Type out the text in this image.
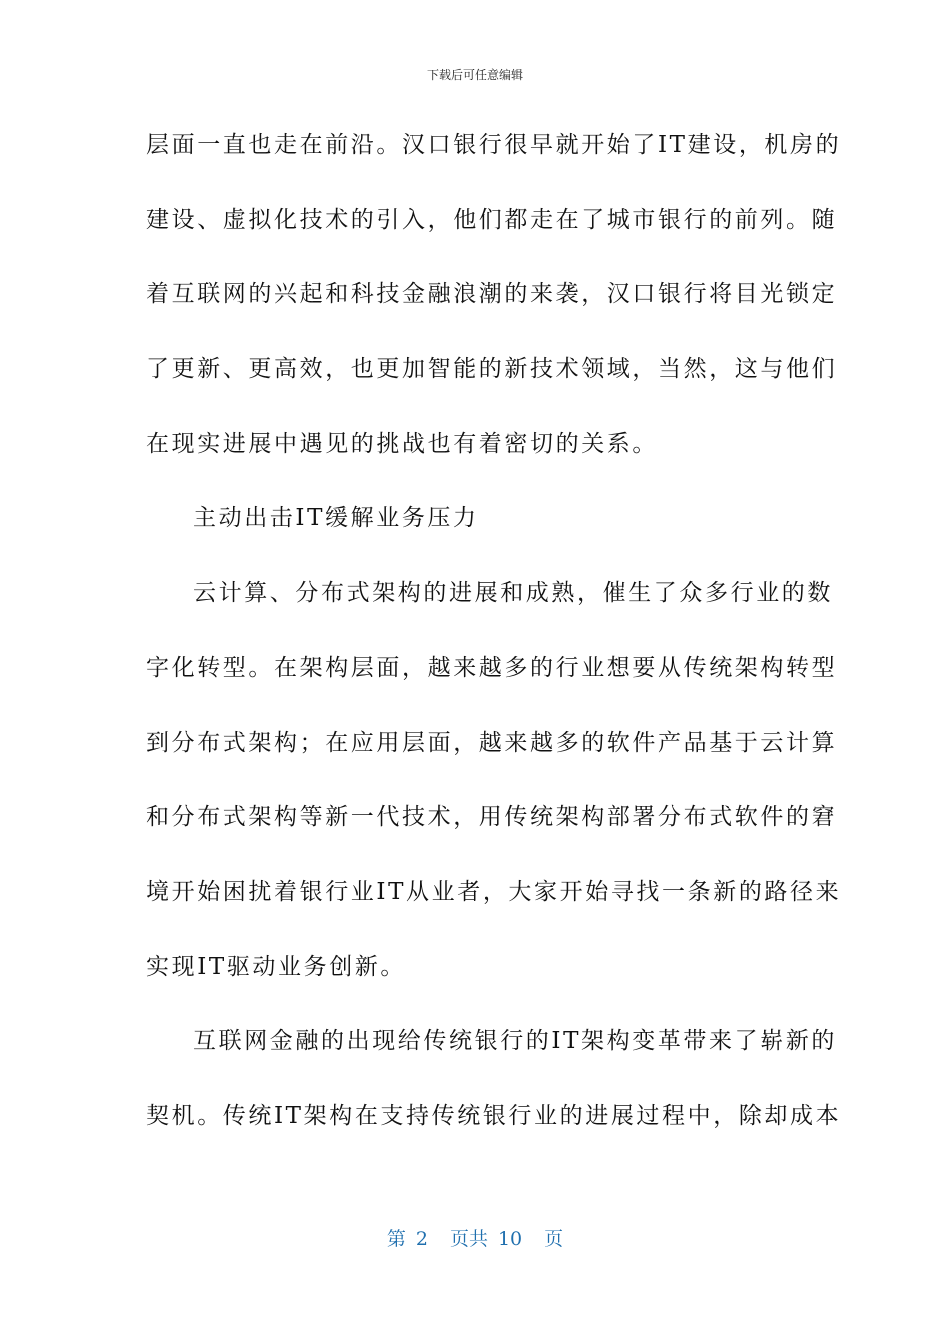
下载后可任意编辑
层面一直也走在前沿。汉口银行很早就开始了IT建设，机房的
建设、虚拟化技术的引入，他们都走在了城市银行的前列。随
着互联网的兴起和科技金融浪潮的来袭，汉口银行将目光锁定
了更新、更高效，也更加智能的新技术领域，当然，这与他们
在现实进展中遇见的挑战也有着密切的关系。
主动出击IT缓解业务压力
云计算、分布式架构的进展和成熟，催生了众多行业的数
字化转型。在架构层面，越来越多的行业想要从传统架构转型
到分布式架构；在应用层面，越来越多的软件产品基于云计算
和分布式架构等新一代技术，用传统架构部署分布式软件的窘
境开始困扰着银行业IT从业者，大家开始寻找一条新的路径来
实现IT驱动业务创新。
互联网金融的出现给传统银行的IT架构变革带来了崭新的
契机。传统IT架构在支持传统银行业的进展过程中，除却成本
第 2 页共 10 页
